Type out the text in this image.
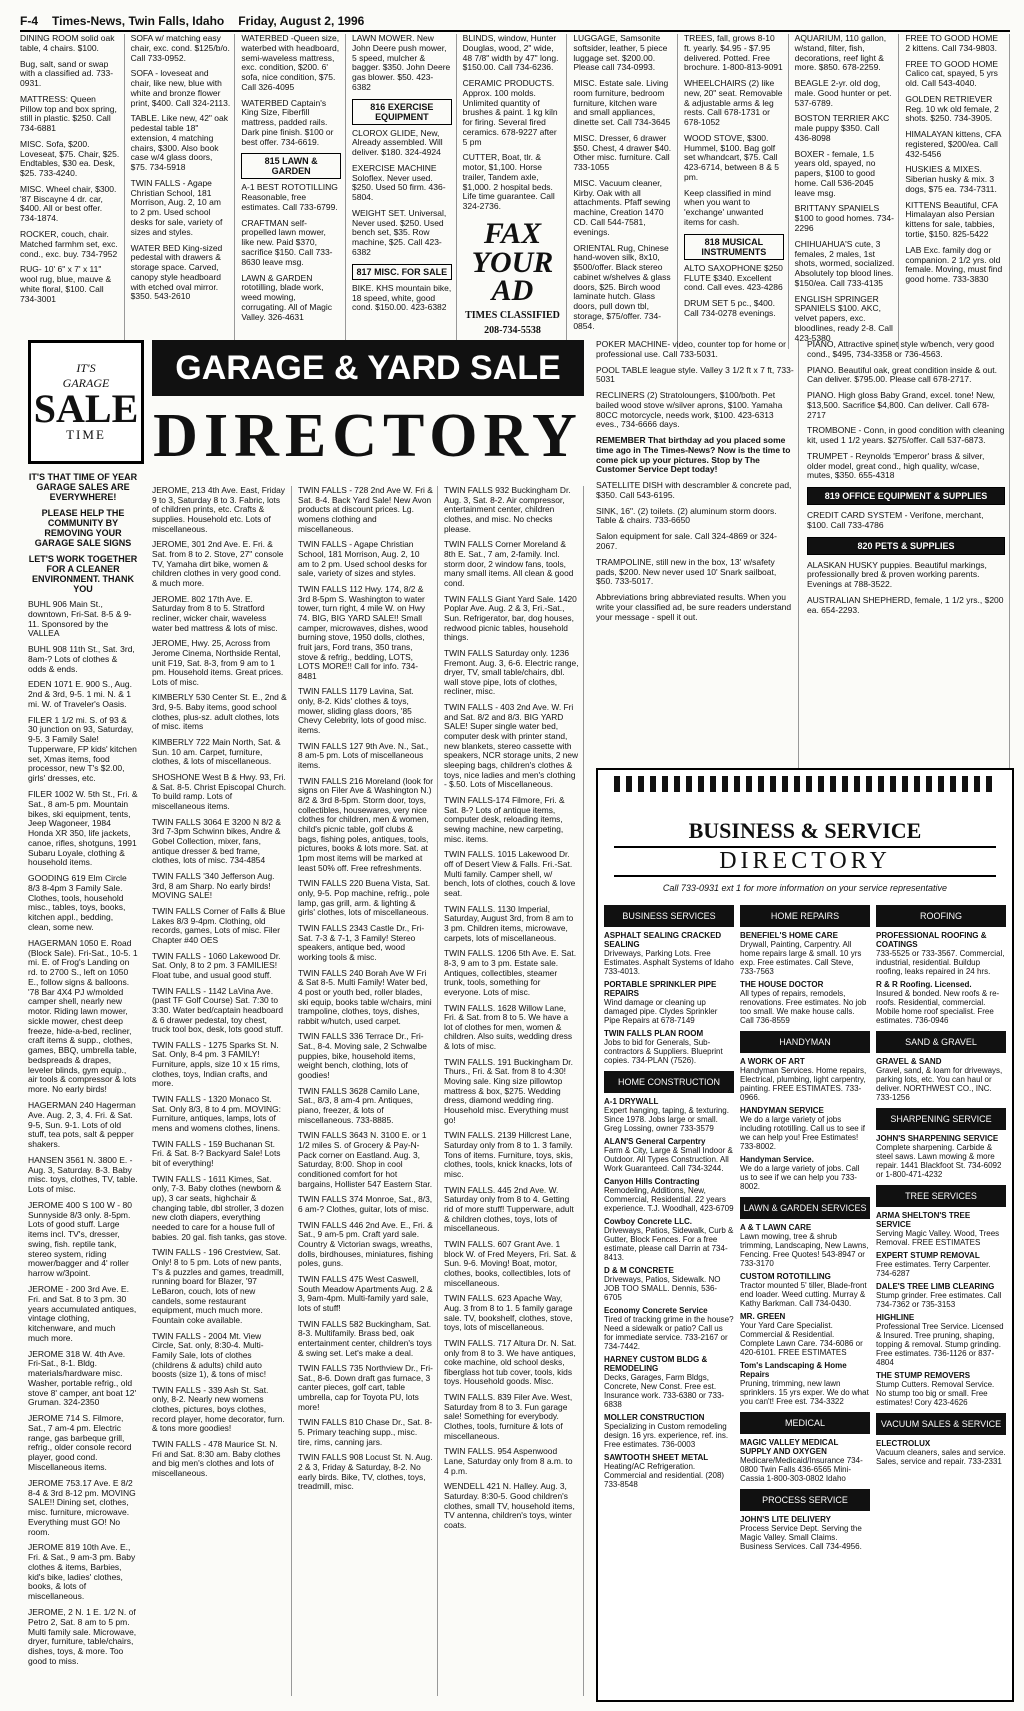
F-4 Times-News, Twin Falls, Idaho Friday, August 2, 1996
DINING ROOM solid oak table, 4 chairs. $100.
Bug, salt, sand or swap with a classified ad. 733-0931.
MATTRESS: Queen Pillow top and box spring, still in plastic. $250. Call 734-6881
MISC. Sofa, $200. Loveseat, $75. Chair, $25. Endtables, $30 ea. Desk, $25. 733-4240.
MISC. Wheel chair, $300. '87 Biscayne 4 dr. car, $400. All or best offer. 734-1874.
ROCKER, couch, chair. Matched farmhm set, exc. cond., exc. buy. 734-7952
RUG- 10' 6" x 7' x 11" wool rug, blue, mauve & white floral, $100. Call 734-3001
SOFA w/ matching easy chair, exc. cond. $125/b/o. Call 733-0952.
SOFA - loveseat and chair, like new, blue with white and bronze flower print, $400. Call 324-2113.
TABLE. Like new, 42" oak pedestal table 18" extension, 4 matching chairs, $300. Also book case w/4 glass doors, $75. 734-5918
TWIN FALLS - Agape Christian School, 181 Morrison, Aug. 2, 10 am to 2 pm. Used school desks for sale, variety of sizes and styles.
WATER BED King-sized pedestal with drawers & storage space. Carved, canopy style headboard with etched oval mirror. $350. 543-2610
WATERBED -Queen size, waterbed with headboard, semi-waveless mattress, exc. condition, $200. 6' sofa, nice condition, $75. Call 326-4095
WATERBED Captain's King Size, Fiberfill mattress, padded rails. Dark pine finish. $100 or best offer. 734-6619.
815 LAWN & GARDEN
A-1 BEST ROTOTILLING Reasonable, free estimates. Call 733-6799.
CRAFTMAN self-propelled lawn mower, like new. Paid $370, sacrifice $150. Call 733-8630 leave msg.
LAWN & GARDEN rototilling, blade work, weed mowing, corrugating. All of Magic Valley. 326-4631
LAWN MOWER. New John Deere push mower, 5 speed, mulcher & bagger. $350. John Deere gas blower. $50. 423-6382
816 EXERCISE EQUIPMENT
CLOROX GLIDE, New, Already assembled. Will deliver. $180. 324-4924
EXERCISE MACHINE Soloflex. Never used. $250. Used 50 firm. 436-5804.
WEIGHT SET. Universal, Never used. $250. Used bench set, $35. Row machine, $25. Call 423-6382
817 MISC. FOR SALE
BIKE. KHS mountain bike, 18 speed, white, good cond. $150.00. 423-6382
BLINDS, window, Hunter Douglas, wood, 2" wide, 48 7/8" width by 47" long. $150.00. Call 734-6236.
CERAMIC PRODUCTS. Approx. 100 molds. Unlimited quantity of brushes & paint. 1 kg kiln for firing. Several fired ceramics. 678-9227 after 5 pm
CUTTER, Boat, tlr. & motor, $1,100. Horse trailer, Tandem axle, $1,000. 2 hospital beds. Life time guarantee. Call 324-2736.
FAX
YOUR
AD
TIMES CLASSIFIED
208-734-5538
LUGGAGE, Samsonite softsider, leather, 5 piece luggage set. $200.00. Please call 734-0993.
MISC. Estate sale. Living room furniture, bedroom furniture, kitchen ware and small appliances, dinette set. Call 734-3645
MISC. Dresser, 6 drawer $50. Chest, 4 drawer $40. Other misc. furniture. Call 733-1055
MISC. Vacuum cleaner, Kirby. Oak with all attachments. Pfaff sewing machine, Creation 1470 CD. Call 544-7581, evenings.
ORIENTAL Rug, Chinese hand-woven silk, 8x10, $500/offer. Black stereo cabinet w/shelves & glass doors, $25. Birch wood laminate hutch. Glass doors, pull down tbl, storage, $75/offer. 734-0854.
TREES, fall, grows 8-10 ft. yearly. $4.95 - $7.95 delivered. Potted. Free brochure. 1-800-813-9091
WHEELCHAIRS (2) like new, 20" seat. Removable & adjustable arms & leg rests. Call 678-1731 or 678-1052
WOOD STOVE, $300. Hummel, $100. Bag golf set w/handcart, $75. Call 423-6714, between 8 & 5 pm.
Keep classified in mind when you want to 'exchange' unwanted items for cash.
818 MUSICAL INSTRUMENTS
ALTO SAXOPHONE $250 FLUTE $340. Excellent cond. Call eves. 423-4286
DRUM SET 5 pc., $400. Call 734-0278 evenings.
AQUARIUM, 110 gallon, w/stand, filter, fish, decorations, reef light & more. $850. 678-2259.
BEAGLE 2-yr. old dog, male. Good hunter or pet. 537-6789.
BOSTON TERRIER AKC male puppy $350. Call 436-8098
BOXER - female, 1.5 years old, spayed, no papers, $100 to good home. Call 536-2045 leave msg.
BRITTANY SPANIELS $100 to good homes. 734-2296
CHIHUAHUA'S cute, 3 females, 2 males, 1st shots, wormed, socialized. Absolutely top blood lines. $150/ea. Call 733-4135
ENGLISH SPRINGER SPANIELS $100. AKC, velvet papers, exc. bloodlines, ready 2-8. Call 423-5380
FREE TO GOOD HOME 2 kittens. Call 734-9803.
FREE TO GOOD HOME Calico cat, spayed, 5 yrs old. Call 543-4040.
GOLDEN RETRIEVER Reg. 10 wk old female, 2 shots. $250. 734-3905.
HIMALAYAN kittens, CFA registered, $200/ea. Call 432-5456
HUSKIES & MIXES. Siberian husky & mix. 3 dogs, $75 ea. 734-7311.
KITTENS Beautiful, CFA Himalayan also Persian kittens for sale, tabbies, tortie, $150. 825-5422
LAB Exc. family dog or companion. 2 1/2 yrs. old female. Moving, must find good home. 733-3830
IT'S
GARAGE
SALE
TIME
GARAGE & YARD SALE
DIRECTORY
IT'S THAT TIME OF YEAR GARAGE SALES ARE EVERYWHERE!
PLEASE HELP THE COMMUNITY BY REMOVING YOUR GARAGE SALE SIGNS
LET'S WORK TOGETHER FOR A CLEANER ENVIRONMENT. THANK YOU
BUHL 906 Main St., downtown, Fri-Sat. 8-5 & 9-11. Sponsored by the VALLEA
BUHL 908 11th St., Sat. 3rd, 8am-? Lots of clothes & odds & ends.
EDEN 1071 E. 900 S., Aug. 2nd & 3rd, 9-5. 1 mi. N. & 1 mi. W. of Traveler's Oasis.
FILER 1 1/2 mi. S. of 93 & 30 junction on 93, Saturday, 9-5. 3 Family Sale! Tupperware, FP kids' kitchen set, Xmas items, food processor, new T's $2.00, girls' dresses, etc.
FILER 1002 W. 5th St., Fri. & Sat., 8 am-5 pm. Mountain bikes, ski equipment, tents, Jeep Wagoneer, 1984 Honda XR 350, life jackets, canoe, rifles, shotguns, 1991 Subaru Loyale, clothing & household items.
GOODING 619 Elm Circle 8/3 8-4pm 3 Family Sale. Clothes, tools, household misc., tables, toys, books, kitchen appl., bedding, clean, some new.
HAGERMAN 1050 E. Road (Block Sale). Fri-Sat., 10-5. 1 mi. E. of Frog's Landing on rd. to 2700 S., left on 1050 E., follow signs & balloons. '78 Bar 4X4 PJ w/molded camper shell, nearly new motor. Riding lawn mower, sickle mower, chest deep freeze, hide-a-bed, recliner, craft items & supp., clothes, games, BBQ, umbrella table, bedspreads & drapes, leveler blinds, gym equip., air tools & compressor & lots more. No early birds!
HAGERMAN 240 Hagerman Ave. Aug. 2, 3, 4. Fri. & Sat. 9-5, Sun. 9-1. Lots of old stuff, tea pots, salt & pepper shakers.
HANSEN 3561 N. 3800 E. - Aug. 3, Saturday. 8-3. Baby misc. toys, clothes, TV, table. Lots of misc.
JEROME 400 S 100 W - 80 Sunnyside 8/3 only. 8-5pm. Lots of good stuff. Large items incl. TV's, dresser, swing, fish. reptile tank, stereo system, riding mower/bagger and 4' roller harrow w/3point.
JEROME - 200 3rd Ave. E. Fri. and Sat. 8 to 3 pm. 30 years accumulated antiques, vintage clothing, kitchenware, and much much more.
JEROME 318 W. 4th Ave. Fri-Sat., 8-1. Bldg. materials/hardware misc. Washer, portable refrig., old stove 8' camper, ant boat 12' Gruman. 324-2350
JEROME 714 S. Filmore, Sat., 7 am-4 pm. Electric range, gas barbeque grill, refrig., older console record player, good cond. Miscellaneous items.
JEROME 753.17 Ave. E 8/2 8-4 & 3rd 8-12 pm. MOVING SALE!! Dining set, clothes, misc. furniture, microwave. Everything must GO! No room.
JEROME 819 10th Ave. E., Fri. & Sat., 9 am-3 pm. Baby clothes & items, Barbies, kid's bike, ladies' clothes, books, & lots of miscellaneous.
JEROME, 2 N. 1 E. 1/2 N. of Petro 2, Sat. 8 am to 5 pm. Multi family sale. Microwave, dryer, furniture, table/chairs, dishes, toys, & more. Too good to miss.
JEROME, 213 4th Ave. East, Friday 9 to 3, Saturday 8 to 3. Fabric, lots of children prints, etc. Crafts & supplies. Household etc. Lots of miscellaneous.
JEROME, 301 2nd Ave. E. Fri. & Sat. from 8 to 2. Stove, 27" console TV, Yamaha dirt bike, women & children clothes in very good cond. & much more.
JEROME. 802 17th Ave. E. Saturday from 8 to 5. Stratford recliner, wicker chair, waveless water bed mattress & lots of misc.
JEROME, Hwy. 25, Across from Jerome Cinema, Northside Rental, unit F19, Sat. 8-3, from 9 am to 1 pm. Household items. Great prices. Lots of misc.
KIMBERLY 530 Center St. E., 2nd & 3rd, 9-5. Baby items, good school clothes, plus-sz. adult clothes, lots of misc. items
KIMBERLY 722 Main North, Sat. & Sun. 10 am. Carpet, furniture, clothes, & lots of miscellaneous.
SHOSHONE West B & Hwy. 93, Fri. & Sat. 8-5. Christ Episcopal Church. To build ramp. Lots of miscellaneous items.
TWIN FALLS 3064 E 3200 N 8/2 & 3rd 7-3pm Schwinn bikes, Andre & Gobel Collection, mixer, fans, antique dresser & bed frame, clothes, lots of misc. 734-4854
TWIN FALLS '340 Jefferson Aug. 3rd, 8 am Sharp. No early birds! MOVING SALE!
TWIN FALLS Corner of Falls & Blue Lakes 8/3 9-4pm. Clothing, old records, games, Lots of misc. Filer Chapter #40 OES
TWIN FALLS - 1060 Lakewood Dr. Sat. Only, 8 to 2 pm. 3 FAMILIES! Float tube, and usual good stuff.
TWIN FALLS - 1142 LaVina Ave. (past TF Golf Course) Sat. 7:30 to 3:30. Water bed/captain headboard & 6 drawer pedestal, toy chest, truck tool box, desk, lots good stuff.
TWIN FALLS - 1275 Sparks St. N. Sat. Only, 8-4 pm. 3 FAMILY! Furniture, appls, size 10 x 15 rims, clothes, toys, Indian crafts, and more.
TWIN FALLS - 1320 Monaco St. Sat. Only 8/3, 8 to 4 pm. MOVING: Furniture, antiques, lamps, lots of mens and womens clothes, linens.
TWIN FALLS - 159 Buchanan St. Fri. & Sat. 8-? Backyard Sale! Lots bit of everything!
TWIN FALLS - 1611 Kimes, Sat. only, 7-3. Baby clothes (newborn & up), 3 car seats, highchair & changing table, dbl stroller, 3 dozen new cloth diapers, everything needed to care for a house full of babies. 20 gal. fish tanks, gas stove.
TWIN FALLS - 196 Crestview, Sat. Only! 8 to 5 pm. Lots of new pants, T's & puzzles and games, treadmill, running board for Blazer, '97 LeBaron, couch, lots of new candels, some restaurant equipment, much much more. Fountain coke available.
TWIN FALLS - 2004 Mt. View Circle, Sat. only, 8:30-4. Multi-Family Sale, lots of clothes (childrens & adults) child auto boosts (size 1), & tons of misc!
TWIN FALLS - 339 Ash St. Sat. only, 8-2. Nearly new womens clothes, pictures, boys clothes, record player, home decorator, furn. & tons more goodies!
TWIN FALLS - 478 Maurice St. N. Fri and Sat. 8:30 am. Baby clothes and big men's clothes and lots of miscellaneous.
TWIN FALLS - 728 2nd Ave W. Fri & Sat. 8-4. Back Yard Sale! New Avon products at discount prices. Lg. womens clothing and miscellaneous.
TWIN FALLS - Agape Christian School, 181 Morrison, Aug. 2, 10 am to 2 pm. Used school desks for sale, variety of sizes and styles.
TWIN FALLS 112 Hwy. 174, 8/2 & 3rd 8-5pm S. Washington to water tower, turn right, 4 mile W. on Hwy 74. BIG, BIG YARD SALE!! Small camper, microwaves, dishes, wood burning stove, 1950 dolls, clothes, fruit jars, Ford trans, 350 trans, stove & refrig., bedding, LOTS, LOTS MORE!! Call for info. 734-8481
TWIN FALLS 1179 Lavina, Sat. only, 8-2. Kids' clothes & toys, mower, sliding glass doors, '85 Chevy Celebrity, lots of good misc. items.
TWIN FALLS 127 9th Ave. N., Sat., 8 am-5 pm. Lots of miscellaneous items.
TWIN FALLS 216 Moreland (look for signs on Filer Ave & Washington N.) 8/2 & 3rd 8-5pm. Storm door, toys, collectibles, housewares, very nice clothes for children, men & women, child's picnic table, golf clubs & bags, fishing poles, antiques, tools, pictures, books & lots more. Sat. at 1pm most items will be marked at least 50% off. Free refreshments.
TWIN FALLS 220 Buena Vista, Sat. only, 9-5. Pop machine, refrig., pole lamp, gas grill, arm. & lighting & girls' clothes, lots of miscellaneous.
TWIN FALLS 2343 Castle Dr., Fri-Sat. 7-3 & 7-1, 3 Family! Stereo speakers, antique bed, wood working tools & misc.
TWIN FALLS 240 Borah Ave W Fri & Sat 8-5. Multi Family! Water bed, 4 post or youth bed, roller blades, ski equip, books table w/chairs, mini trampoline, clothes, toys, dishes, rabbit w/hutch, used carpet.
TWIN FALLS 336 Terrace Dr., Fri-Sat., 8-4. Moving sale, 2 Schwalbe puppies, bike, household items, weight bench, clothing, lots of goodies!
TWIN FALLS 3628 Camilo Lane, Sat., 8/3, 8 am-4 pm. Antiques, piano, freezer, & lots of miscellaneous. 733-8885.
TWIN FALLS 3643 N. 3100 E. or 1 1/2 miles S. of Grocery & Pay-N-Pack corner on Eastland. Aug. 3, Saturday, 8:00. Shop in cool conditioned comfort for hot bargains, Hollister 547 Eastern Star.
TWIN FALLS 374 Monroe, Sat., 8/3, 6 am-? Clothes, guitar, lots of misc.
TWIN FALLS 446 2nd Ave. E., Fri. & Sat., 9 am-5 pm. Craft yard sale. Country & Victorian swags, wreaths, dolls, birdhouses, miniatures, fishing poles, guns.
TWIN FALLS 475 West Caswell, South Meadow Apartments Aug. 2 & 3, 9am-4pm. Multi-family yard sale, lots of stuff!
TWIN FALLS 582 Buckingham, Sat. 8-3. Multifamily. Brass bed, oak entertainment center, children's toys & swing set. Let's make a deal.
TWIN FALLS 735 Northview Dr., Fri-Sat., 8-6. Down draft gas furnace, 3 canter pieces, golf cart, table umbrella, cap for Toyota PU, lots more!
TWIN FALLS 810 Chase Dr., Sat. 8-5. Primary teaching supp., misc. tire, rims, canning jars.
TWIN FALLS 908 Locust St. N. Aug. 2 & 3, Friday & Saturday, 8-2. No early birds. Bike, TV, clothes, toys, treadmill, misc.
TWIN FALLS 932 Buckingham Dr. Aug. 3, Sat. 8-2. Air compressor, entertainment center, children clothes, and misc. No checks please.
TWIN FALLS Corner Moreland & 8th E. Sat., 7 am, 2-family. Incl. storm door, 2 window fans, tools, many small items. All clean & good cond.
TWIN FALLS Giant Yard Sale. 1420 Poplar Ave. Aug. 2 & 3, Fri.-Sat., Sun. Refrigerator, bar, dog houses, redwood picnic tables, household things.
TWIN FALLS Saturday only. 1236 Fremont. Aug. 3, 6-6. Electric range, dryer, TV, small table/chairs, dbl. wall stove pipe, lots of clothes, recliner, misc.
TWIN FALLS - 403 2nd Ave. W. Fri and Sat. 8/2 and 8/3. BIG YARD SALE! Super single water bed, computer desk with printer stand, new blankets, stereo cassette with speakers, NCR storage units, 2 new sleeping bags, children's clothes & toys, nice ladies and men's clothing - $.50. Lots of Miscellaneous.
TWIN FALLS-174 Filmore, Fri. & Sat. 8-? Lots of antique items, computer desk, reloading items, sewing machine, new carpeting, misc. items.
TWIN FALLS. 1015 Lakewood Dr. off of Desert View & Falls. Fri.-Sat. Multi family. Camper shell, w/ bench, lots of clothes, couch & love seat.
TWIN FALLS. 1130 Imperial, Saturday, August 3rd, from 8 am to 3 pm. Children items, microwave, carpets, lots of miscellaneous.
TWIN FALLS. 1206 5th Ave. E. Sat. 8-3, 9 am to 3 pm. Estate sale. Antiques, collectibles, steamer trunk, tools, something for everyone. Lots of misc.
TWIN FALLS. 1628 Willow Lane, Fri. & Sat. from 8 to 5. We have a lot of clothes for men, women & children. Also suits, wedding dress & lots of misc.
TWIN FALLS. 191 Buckingham Dr. Thurs., Fri. & Sat. from 8 to 4:30! Moving sale. King size pillowtop mattress & box, $275. Wedding dress, diamond wedding ring. Household misc. Everything must go!
TWIN FALLS. 2139 Hillcrest Lane, Saturday only from 8 to 1. 3 family. Tons of items. Furniture, toys, skis, clothes, tools, knick knacks, lots of misc.
TWIN FALLS. 445 2nd Ave. W. Saturday only from 8 to 4. Getting rid of more stuff! Tupperware, adult & children clothes, toys, lots of miscellaneous.
TWIN FALLS. 607 Grant Ave. 1 block W. of Fred Meyers, Fri. Sat. & Sun. 9-6. Moving! Boat, motor, clothes, books, collectibles, lots of miscellaneous.
TWIN FALLS. 623 Apache Way, Aug. 3 from 8 to 1. 5 family garage sale. TV, bookshelf, clothes, stove, toys, lots of miscellaneous.
TWIN FALLS. 717 Altura Dr. N. Sat. only from 8 to 3. We have antiques, coke machine, old school desks, fiberglass hot tub cover, tools, kids toys. Household goods. Misc.
TWIN FALLS. 839 Filer Ave. West, Saturday from 8 to 3. Fun garage sale! Something for everybody. Clothes, tools, furniture & lots of miscellaneous.
TWIN FALLS. 954 Aspenwood Lane, Saturday only from 8 a.m. to 4 p.m.
WENDELL 421 N. Halley. Aug. 3, Saturday. 8:30-5. Good children's clothes, small TV, household items, TV antenna, children's toys, winter coats.
POKER MACHINE- video, counter top for home or professional use. Call 733-5031.
POOL TABLE league style. Valley 3 1/2 ft x 7 ft, 733-5031
RECLINERS (2) Stratoloungers, $100/both. Pet bailed wood stove w/silver aprons, $100. Yamaha 80CC motorcycle, needs work, $100. 423-6313 eves., 734-6666 days.
REMEMBER That birthday ad you placed some time ago in The Times-News? Now is the time to come pick up your pictures. Stop by The Customer Service Dept today!
SATELLITE DISH with descrambler & concrete pad, $350. Call 543-6195.
SINK, 16". (2) toilets. (2) aluminum storm doors. Table & chairs. 733-6650
Salon equipment for sale. Call 324-4869 or 324-2067.
TRAMPOLINE, still new in the box, 13' w/safety pads, $200. New never used 10' Snark sailboat, $50. 733-5017.
Abbreviations bring abbreviated results. When you write your classified ad, be sure readers understand your message - spell it out.
PIANO, Attractive spinet style w/bench, very good cond., $495, 734-3358 or 736-4563.
PIANO. Beautiful oak, great condition inside & out. Can deliver. $795.00. Please call 678-2717.
PIANO. High gloss Baby Grand, excel. tone! New, $13,500. Sacrifice $4,800. Can deliver. Call 678-2717
TROMBONE - Conn, in good condition with cleaning kit, used 1 1/2 years. $275/offer. Call 537-6873.
TRUMPET - Reynolds 'Emperor' brass & silver, older model, great cond., high quality, w/case, mutes, $350. 655-4318
819 OFFICE EQUIPMENT & SUPPLIES
CREDIT CARD SYSTEM - Verifone, merchant, $100. Call 733-4786
820 PETS & SUPPLIES
ALASKAN HUSKY puppies. Beautiful markings, professionally bred & proven working parents. Evenings at 788-3522.
AUSTRALIAN SHEPHERD, female, 1 1/2 yrs., $200 ea. 654-2293.
BUSINESS & SERVICE
DIRECTORY
Call 733-0931 ext 1 for more information on your service representative
BUSINESS SERVICES
ASPHALT SEALING CRACKED SEALING
Driveways, Parking Lots. Free Estimates. Asphalt Systems of Idaho 733-4013.
PORTABLE SPRINKLER PIPE REPAIRS
Wind damage or cleaning up damaged pipe. Clydes Sprinkler Pipe Repairs at 678-7149
TWIN FALLS PLAN ROOM
Jobs to bid for Generals, Sub-contractors & Suppliers. Blueprint copies. 734-PLAN (7526).
HOME CONSTRUCTION
A-1 DRYWALL
Expert hanging, taping, & texturing. Since 1978. Jobs large or small. Greg Lossing, owner 733-3579
ALAN'S General Carpentry
Farm & City, Large & Small Indoor & Outdoor. All Types Construction. All Work Guaranteed. Call 734-3244.
Canyon Hills Contracting
Remodeling, Additions, New, Commercial, Residential. 22 years experience. T.J. Woodhall, 423-6709
Cowboy Concrete LLC.
Driveways, Patios, Sidewalk, Curb & Gutter, Block Fences. For a free estimate, please call Darrin at 734-8413.
D & M CONCRETE
Driveways, Patios, Sidewalk. NO JOB TOO SMALL. Dennis, 536-6705
Economy Concrete Service
Tired of tracking grime in the house? Need a sidewalk or patio? Call us for immediate service. 733-2167 or 734-7442.
HARNEY CUSTOM BLDG & REMODELING
Decks, Garages, Farm Bldgs, Concrete, New Const. Free est. Insurance work. 733-6380 or 733-6838
MOLLER CONSTRUCTION
Specializing in Custom remodeling design. 16 yrs. experience, ref. ins. Free estimates. 736-0003
SAWTOOTH SHEET METAL
Heating/AC Refrigeration. Commercial and residential. (208) 733-8548
HOME REPAIRS
BENEFIEL'S HOME CARE
Drywall, Painting, Carpentry. All home repairs large & small. 10 yrs exp. Free estimates. Call Steve, 733-7563
THE HOUSE DOCTOR
All types of repairs, remodels, renovations. Free estimates. No job too small. We make house calls. Call 736-8559
HANDYMAN
A WORK OF ART
Handyman Services. Home repairs, Electrical, plumbing, light carpentry, painting. FREE ESTIMATES. 733-0966.
HANDYMAN SERVICE
We do a large variety of jobs including rototilling. Call us to see if we can help you! Free Estimates! 733-8002.
Handyman Service.
We do a large variety of jobs. Call us to see if we can help you 733-8002.
LAWN & GARDEN SERVICES
A & T LAWN CARE
Lawn mowing, tree & shrub trimming, Landscaping, New Lawns, Fencing. Free Quotes! 543-8947 or 733-3170
CUSTOM ROTOTILLING
Tractor mounted 5' tiller, Blade-front end loader. Weed cutting. Murray & Kathy Barkman. Call 734-0430.
MR. GREEN
Your Yard Care Specialist. Commercial & Residential. Complete Lawn Care. 734-6086 or 420-6101. FREE ESTIMATES
Tom's Landscaping & Home Repairs
Pruning, trimming, new lawn sprinklers. 15 yrs exper. We do what you can't! Free est. 734-3322
MEDICAL
MAGIC VALLEY MEDICAL SUPPLY AND OXYGEN
Medicare/Medicaid/Insurance 734-0800 Twin Falls 436-6565 Mini-Cassia 1-800-303-0802 Idaho
PROCESS SERVICE
JOHN'S LITE DELIVERY
Process Service Dept. Serving the Magic Valley. Small Claims. Business Services. Call 734-4956.
ROOFING
PROFESSIONAL ROOFING & COATINGS
733-5525 or 733-3567. Commercial, industrial, residential. Buildup roofing, leaks repaired in 24 hrs.
R & R Roofing. Licensed.
Insured & bonded. New roofs & re-roofs. Residential, commercial. Mobile home roof specialist. Free estimates. 736-0946
SAND & GRAVEL
GRAVEL & SAND
Gravel, sand, & loam for driveways, parking lots, etc. You can haul or deliver. NORTHWEST CO., INC. 733-1256
SHARPENING SERVICE
JOHN'S SHARPENING SERVICE
Complete sharpening. Carbide & steel saws. Lawn mowing & more repair. 1441 Blackfoot St. 734-6092 or 1-800-471-4232
TREE SERVICES
ARMA SHELTON'S TREE SERVICE
Serving Magic Valley. Wood, Trees Removal. FREE ESTIMATES
EXPERT STUMP REMOVAL
Free estimates. Terry Carpenter. 734-6287
DALE'S TREE LIMB CLEARING
Stump grinder. Free estimates. Call 734-7362 or 735-3153
HIGHLINE
Professional Tree Service. Licensed & Insured. Tree pruning, shaping, topping & removal. Stump grinding. Free estimates. 736-1126 or 837-4804
THE STUMP REMOVERS
Stump Cutters. Removal Service. No stump too big or small. Free estimates! Cory 423-4626
VACUUM SALES & SERVICE
ELECTROLUX
Vacuum cleaners, sales and service. Sales, service and repair. 733-2331
